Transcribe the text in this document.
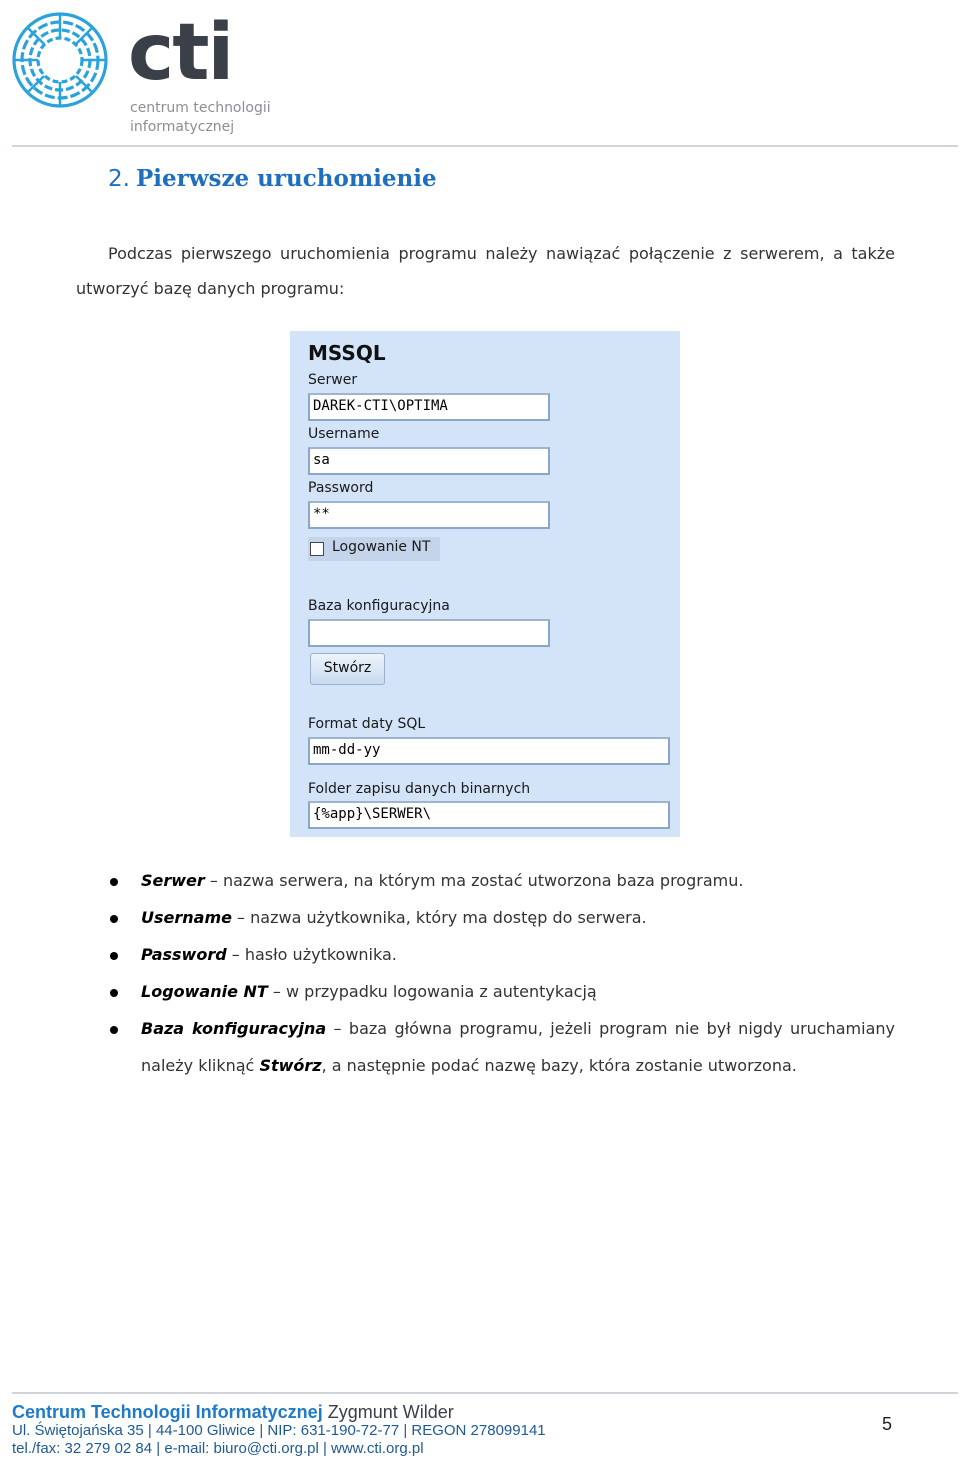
cti
centrum technologii
informatycznej
2. Pierwsze uruchomienie
Podczas pierwszego uruchomienia programu należy nawiązać połączenie z serwerem, a także
utworzyć bazę danych programu:
MSSQL
Serwer
DAREK-CTI\OPTIMA
Username
sa
Password
**
Logowanie NT
Baza konfiguracyjna
Stwórz
Format daty SQL
mm-dd-yy
Folder zapisu danych binarnych
{%app}\SERWER\
Serwer – nazwa serwera, na którym ma zostać utworzona baza programu.
Username – nazwa użytkownika, który ma dostęp do serwera.
Password – hasło użytkownika.
Logowanie NT – w przypadku logowania z autentykacją
Baza konfiguracyjna – baza główna programu, jeżeli program nie był nigdy uruchamiany
należy kliknąć Stwórz, a następnie podać nazwę bazy, która zostanie utworzona.
Centrum Technologii Informatycznej Zygmunt Wilder
Ul. Świętojańska 35 | 44-100 Gliwice | NIP: 631-190-72-77 | REGON 278099141
tel./fax: 32 279 02 84 | e-mail: biuro@cti.org.pl | www.cti.org.pl
5
